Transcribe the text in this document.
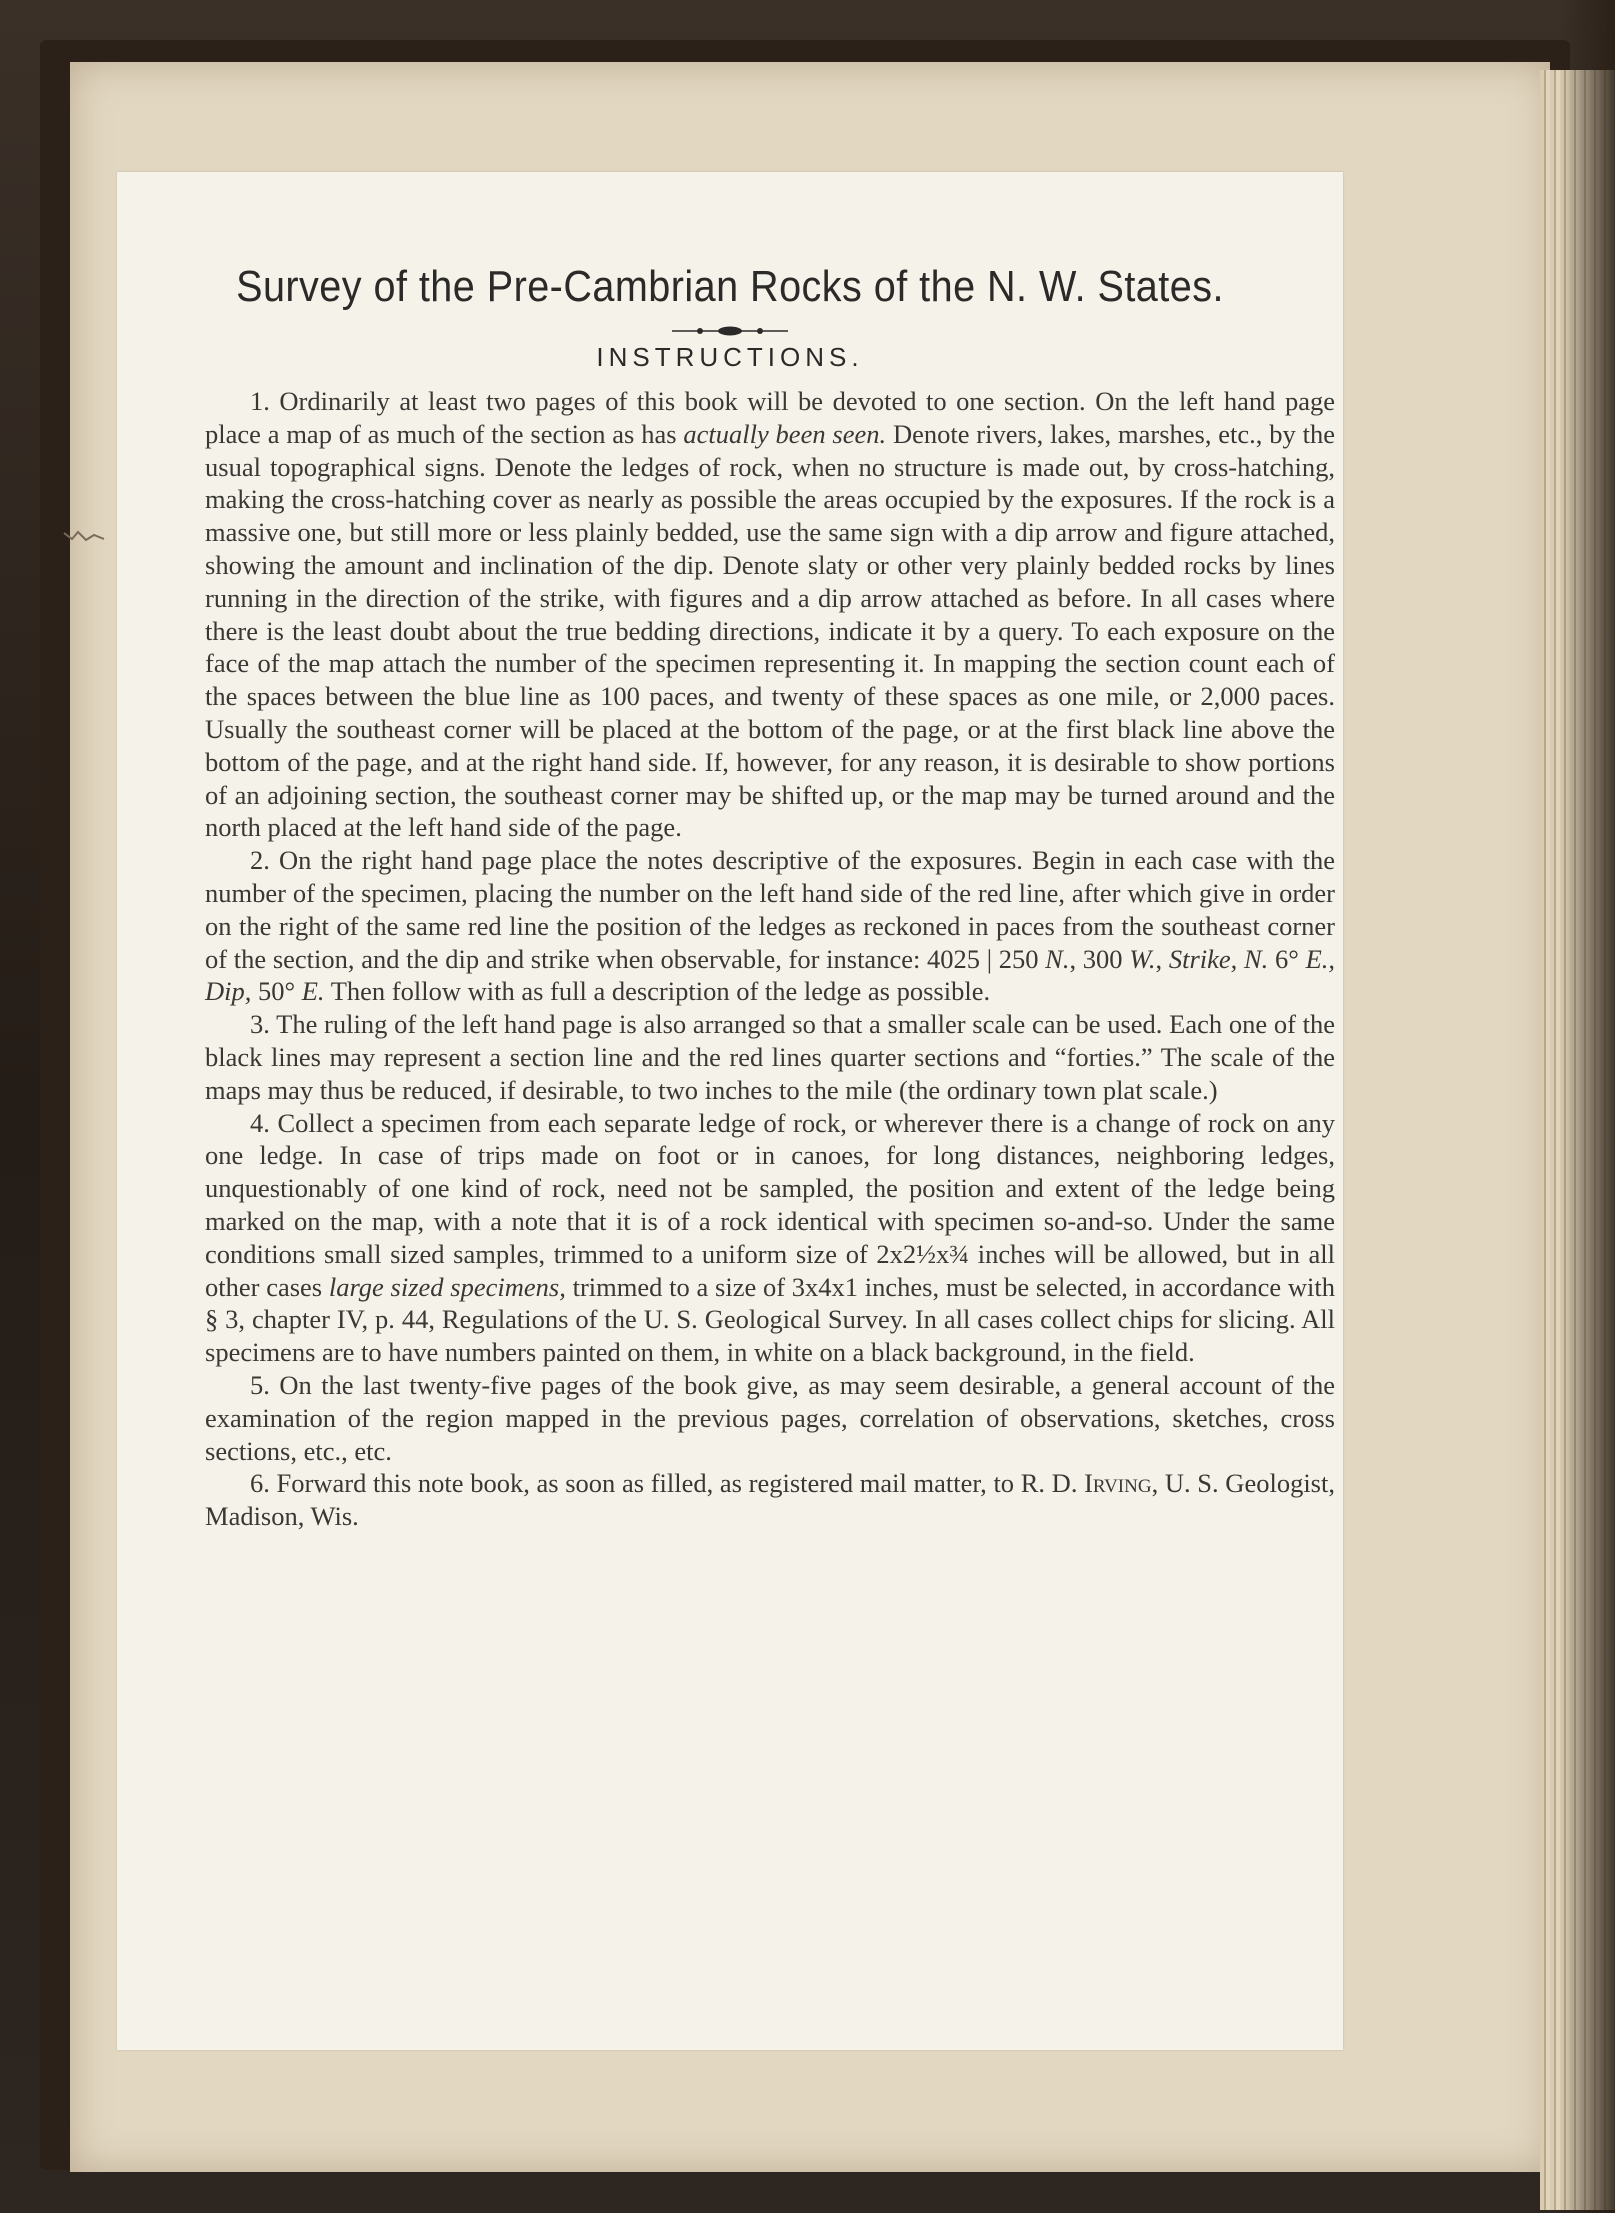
Survey of the Pre-Cambrian Rocks of the N. W. States.
INSTRUCTIONS.

1. Ordinarily at least two pages of this book will be devoted to one section. On the left hand page place a map of as much of the section as has actually been seen. Denote rivers, lakes, marshes, etc., by the usual topographical signs. Denote the ledges of rock, when no structure is made out, by cross-hatching, making the cross-hatching cover as nearly as possible the areas occupied by the exposures. If the rock is a massive one, but still more or less plainly bedded, use the same sign with a dip arrow and figure attached, showing the amount and inclination of the dip. Denote slaty or other very plainly bedded rocks by lines running in the direction of the strike, with figures and a dip arrow attached as before. In all cases where there is the least doubt about the true bedding directions, indicate it by a query. To each exposure on the face of the map attach the number of the specimen representing it. In mapping the section count each of the spaces between the blue line as 100 paces, and twenty of these spaces as one mile, or 2,000 paces. Usually the southeast corner will be placed at the bottom of the page, or at the first black line above the bottom of the page, and at the right hand side. If, however, for any reason, it is desirable to show portions of an adjoining section, the southeast corner may be shifted up, or the map may be turned around and the north placed at the left hand side of the page.

2. On the right hand page place the notes descriptive of the exposures. Begin in each case with the number of the specimen, placing the number on the left hand side of the red line, after which give in order on the right of the same red line the position of the ledges as reckoned in paces from the southeast corner of the section, and the dip and strike when observable, for instance: 4025 | 250 N., 300 W., Strike, N. 6° E., Dip, 50° E. Then follow with as full a description of the ledge as possible.

3. The ruling of the left hand page is also arranged so that a smaller scale can be used. Each one of the black lines may represent a section line and the red lines quarter sections and “forties.” The scale of the maps may thus be reduced, if desirable, to two inches to the mile (the ordinary town plat scale.)

4. Collect a specimen from each separate ledge of rock, or wherever there is a change of rock on any one ledge. In case of trips made on foot or in canoes, for long distances, neighboring ledges, unquestionably of one kind of rock, need not be sampled, the position and extent of the ledge being marked on the map, with a note that it is of a rock identical with specimen so-and-so. Under the same conditions small sized samples, trimmed to a uniform size of 2x2½x¾ inches will be allowed, but in all other cases large sized specimens, trimmed to a size of 3x4x1 inches, must be selected, in accordance with § 3, chapter IV, p. 44, Regulations of the U. S. Geological Survey. In all cases collect chips for slicing. All specimens are to have numbers painted on them, in white on a black background, in the field.

5. On the last twenty-five pages of the book give, as may seem desirable, a general account of the examination of the region mapped in the previous pages, correlation of observations, sketches, cross sections, etc., etc.

6. Forward this note book, as soon as filled, as registered mail matter, to R. D. Irving, U. S. Geologist, Madison, Wis.
